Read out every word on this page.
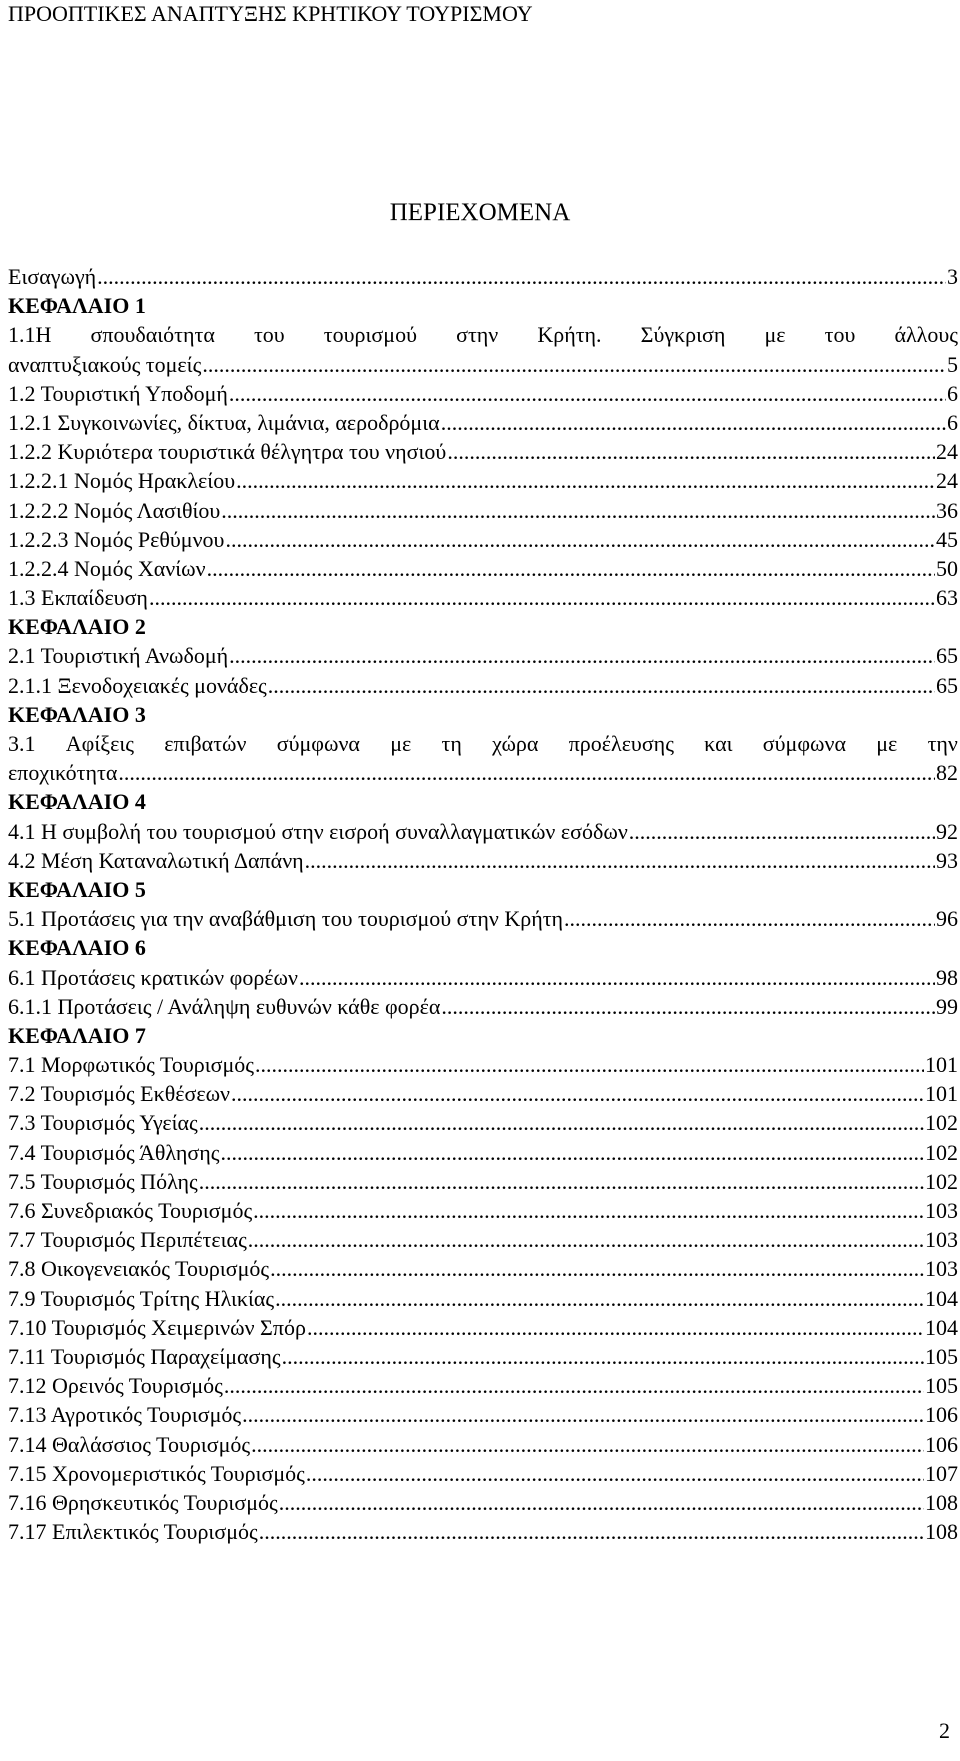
ΠΡΟΟΠΤΙΚΕΣ ΑΝΑΠΤΥΞΗΣ ΚΡΗΤΙΚΟΥ ΤΟΥΡΙΣΜΟΥ
ΠΕΡΙΕΧΟΜΕΝΑ
Εισαγωγή .....	3
ΚΕΦΑΛΑΙΟ 1
1.1Η σπουδαιότητα του τουρισμού στην Κρήτη. Σύγκριση με του άλλους
αναπτυξιακούς τομείς .....	5
1.2 Τουριστική Υποδομή .....	6
1.2.1 Συγκοινωνίες, δίκτυα, λιμάνια, αεροδρόμια .....	6
1.2.2 Κυριότερα τουριστικά θέλγητρα του νησιού .....	24
1.2.2.1 Νομός Ηρακλείου .....	24
1.2.2.2 Νομός Λασιθίου .....	36
1.2.2.3 Νομός Ρεθύμνου .....	45
1.2.2.4 Νομός Χανίων .....	50
1.3 Εκπαίδευση .....	63
ΚΕΦΑΛΑΙΟ 2
2.1 Τουριστική Ανωδομή .....	65
2.1.1 Ξενοδοχειακές μονάδες .....	65
ΚΕΦΑΛΑΙΟ 3
3.1 Αφίξεις επιβατών σύμφωνα με τη χώρα προέλευσης και σύμφωνα με την
εποχικότητα .....	82
ΚΕΦΑΛΑΙΟ 4
4.1 Η συμβολή του τουρισμού στην εισροή συναλλαγματικών εσόδων .....	92
4.2 Μέση Καταναλωτική Δαπάνη .....	93
ΚΕΦΑΛΑΙΟ 5
5.1 Προτάσεις για την αναβάθμιση του τουρισμού στην Κρήτη .....	96
ΚΕΦΑΛΑΙΟ 6
6.1 Προτάσεις κρατικών φορέων .....	98
6.1.1 Προτάσεις / Ανάληψη ευθυνών κάθε φορέα .....	99
ΚΕΦΑΛΑΙΟ 7
7.1 Μορφωτικός Τουρισμός .....	101
7.2 Τουρισμός Εκθέσεων .....	101
7.3 Τουρισμός Υγείας .....	102
7.4 Τουρισμός Άθλησης .....	102
7.5 Τουρισμός Πόλης .....	102
7.6 Συνεδριακός Τουρισμός .....	103
7.7 Τουρισμός Περιπέτειας .....	103
7.8 Οικογενειακός Τουρισμός .....	103
7.9 Τουρισμός Τρίτης Ηλικίας .....	104
7.10 Τουρισμός Χειμερινών Σπόρ .....	104
7.11 Τουρισμός Παραχείμασης .....	105
7.12 Ορεινός Τουρισμός .....	105
7.13 Αγροτικός Τουρισμός .....	106
7.14 Θαλάσσιος Τουρισμός .....	106
7.15 Χρονομεριστικός Τουρισμός .....	107
7.16 Θρησκευτικός Τουρισμός .....	108
7.17 Επιλεκτικός Τουρισμός .....	108
2
